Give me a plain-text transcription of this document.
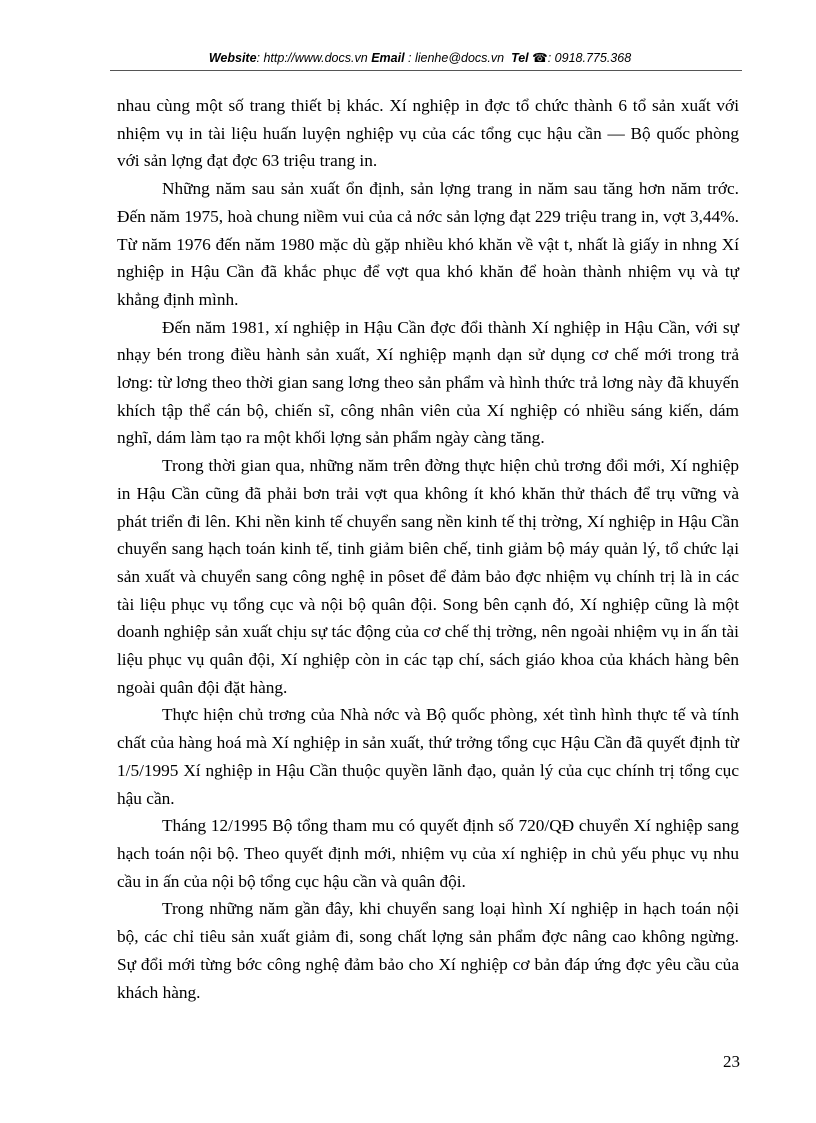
Website: http://www.docs.vn Email : lienhe@docs.vn Tel ☎: 0918.775.368

nhau cùng một số trang thiết bị khác. Xí nghiệp in đợc tổ chức thành 6 tổ sản xuất với nhiệm vụ in tài liệu huấn luyện nghiệp vụ của các tổng cục hậu cần — Bộ quốc phòng với sản lợng đạt đợc 63 triệu trang in.

Những năm sau sản xuất ổn định, sản lợng trang in năm sau tăng hơn năm trớc. Đến năm 1975, hoà chung niềm vui của cả nớc sản lợng đạt 229 triệu trang in, vợt 3,44%. Từ năm 1976 đến năm 1980 mặc dù gặp nhiều khó khăn về vật t, nhất là giấy in nhng Xí nghiệp in Hậu Cần đã khắc phục để vợt qua khó khăn để hoàn thành nhiệm vụ và tự khẳng định mình.

Đến năm 1981, xí nghiệp in Hậu Cần đợc đổi thành Xí nghiệp in Hậu Cần, với sự nhạy bén trong điều hành sản xuất, Xí nghiệp mạnh dạn sử dụng cơ chế mới trong trả lơng: từ lơng theo thời gian sang lơng theo sản phẩm và hình thức trả lơng này đã khuyến khích tập thể cán bộ, chiến sĩ, công nhân viên của Xí nghiệp có nhiều sáng kiến, dám nghĩ, dám làm tạo ra một khối lợng sản phẩm ngày càng tăng.

Trong thời gian qua, những năm trên đờng thực hiện chủ trơng đổi mới, Xí nghiệp in Hậu Cần cũng đã phải bơn trải vợt qua không ít khó khăn thử thách để trụ vững và phát triển đi lên. Khi nền kinh tế chuyển sang nền kinh tế thị trờng, Xí nghiệp in Hậu Cần chuyển sang hạch toán kinh tế, tinh giảm biên chế, tinh giảm bộ máy quản lý, tổ chức lại sản xuất và chuyển sang công nghệ in pôset để đảm bảo đợc nhiệm vụ chính trị là in các tài liệu phục vụ tổng cục và nội bộ quân đội. Song bên cạnh đó, Xí nghiệp cũng là một doanh nghiệp sản xuất chịu sự tác động của cơ chế thị trờng, nên ngoài nhiệm vụ in ấn tài liệu phục vụ quân đội, Xí nghiệp còn in các tạp chí, sách giáo khoa của khách hàng bên ngoài quân đội đặt hàng.

Thực hiện chủ trơng của Nhà nớc và Bộ quốc phòng, xét tình hình thực tế và tính chất của hàng hoá mà Xí nghiệp in sản xuất, thứ trởng tổng cục Hậu Cần đã quyết định từ 1/5/1995 Xí nghiệp in Hậu Cần thuộc quyền lãnh đạo, quản lý của cục chính trị tổng cục hậu cần.

Tháng 12/1995 Bộ tổng tham mu có quyết định số 720/QĐ chuyển Xí nghiệp sang hạch toán nội bộ. Theo quyết định mới, nhiệm vụ của xí nghiệp in chủ yếu phục vụ nhu cầu in ấn của nội bộ tổng cục hậu cần và quân đội.

Trong những năm gần đây, khi chuyển sang loại hình Xí nghiệp in hạch toán nội bộ, các chỉ tiêu sản xuất giảm đi, song chất lợng sản phẩm đợc nâng cao không ngừng. Sự đổi mới từng bớc công nghệ đảm bảo cho Xí nghiệp cơ bản đáp ứng đợc yêu cầu của khách hàng.

23
